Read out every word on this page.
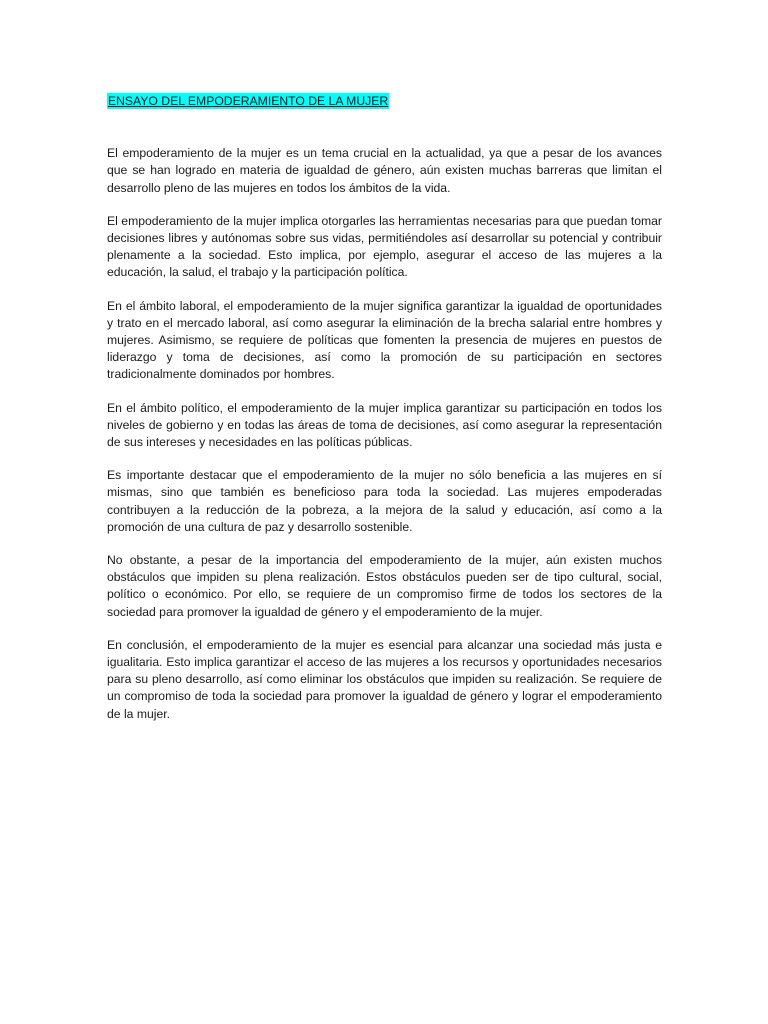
ENSAYO DEL EMPODERAMIENTO DE LA MUJER

El empoderamiento de la mujer es un tema crucial en la actualidad, ya que a pesar de los avances que se han logrado en materia de igualdad de género, aún existen muchas barreras que limitan el desarrollo pleno de las mujeres en todos los ámbitos de la vida.

El empoderamiento de la mujer implica otorgarles las herramientas necesarias para que puedan tomar decisiones libres y autónomas sobre sus vidas, permitiéndoles así desarrollar su potencial y contribuir plenamente a la sociedad. Esto implica, por ejemplo, asegurar el acceso de las mujeres a la educación, la salud, el trabajo y la participación política.

En el ámbito laboral, el empoderamiento de la mujer significa garantizar la igualdad de oportunidades y trato en el mercado laboral, así como asegurar la eliminación de la brecha salarial entre hombres y mujeres. Asimismo, se requiere de políticas que fomenten la presencia de mujeres en puestos de liderazgo y toma de decisiones, así como la promoción de su participación en sectores tradicionalmente dominados por hombres.

En el ámbito político, el empoderamiento de la mujer implica garantizar su participación en todos los niveles de gobierno y en todas las áreas de toma de decisiones, así como asegurar la representación de sus intereses y necesidades en las políticas públicas.

Es importante destacar que el empoderamiento de la mujer no sólo beneficia a las mujeres en sí mismas, sino que también es beneficioso para toda la sociedad. Las mujeres empoderadas contribuyen a la reducción de la pobreza, a la mejora de la salud y educación, así como a la promoción de una cultura de paz y desarrollo sostenible.

No obstante, a pesar de la importancia del empoderamiento de la mujer, aún existen muchos obstáculos que impiden su plena realización. Estos obstáculos pueden ser de tipo cultural, social, político o económico. Por ello, se requiere de un compromiso firme de todos los sectores de la sociedad para promover la igualdad de género y el empoderamiento de la mujer.

En conclusión, el empoderamiento de la mujer es esencial para alcanzar una sociedad más justa e igualitaria. Esto implica garantizar el acceso de las mujeres a los recursos y oportunidades necesarios para su pleno desarrollo, así como eliminar los obstáculos que impiden su realización. Se requiere de un compromiso de toda la sociedad para promover la igualdad de género y lograr el empoderamiento de la mujer.
